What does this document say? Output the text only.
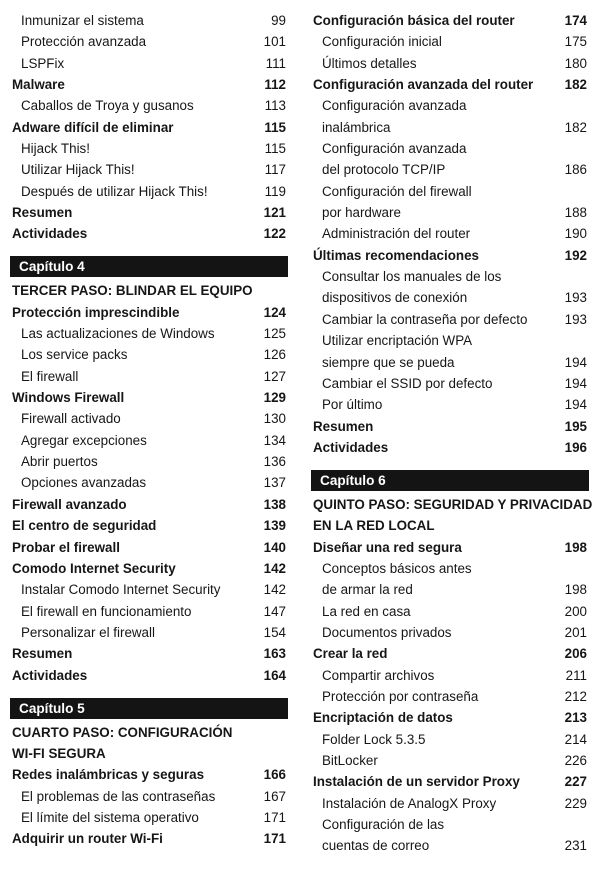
Inmunizar el sistema	99
Protección avanzada	101
LSPFix	111
Malware	112
Caballos de Troya y gusanos	113
Adware difícil de eliminar	115
Hijack This!	115
Utilizar Hijack This!	117
Después de utilizar Hijack This!	119
Resumen	121
Actividades	122
Capítulo 4
TERCER PASO: BLINDAR EL EQUIPO
Protección imprescindible	124
Las actualizaciones de Windows	125
Los service packs	126
El firewall	127
Windows Firewall	129
Firewall activado	130
Agregar excepciones	134
Abrir puertos	136
Opciones avanzadas	137
Firewall avanzado	138
El centro de seguridad	139
Probar el firewall	140
Comodo Internet Security	142
Instalar Comodo Internet Security	142
El firewall en funcionamiento	147
Personalizar el firewall	154
Resumen	163
Actividades	164
Capítulo 5
CUARTO PASO: CONFIGURACIÓN
WI-FI SEGURA
Redes inalámbricas y seguras	166
El problemas de las contraseñas	167
El límite del sistema operativo	171
Adquirir un router Wi-Fi	171
Configuración básica del router	174
Configuración inicial	175
Últimos detalles	180
Configuración avanzada del router 182
Configuración avanzada
inalámbrica	182
Configuración avanzada
del protocolo TCP/IP	186
Configuración del firewall
por hardware	188
Administración del router	190
Últimas recomendaciones	192
Consultar los manuales de los
dispositivos de conexión	193
Cambiar la contraseña por defecto	193
Utilizar encriptación WPA
siempre que se pueda	194
Cambiar el SSID por defecto	194
Por último	194
Resumen	195
Actividades	196
Capítulo 6
QUINTO PASO: SEGURIDAD Y PRIVACIDAD
EN LA RED LOCAL
Diseñar una red segura	198
Conceptos básicos antes
de armar la red	198
La red en casa	200
Documentos privados	201
Crear la red	206
Compartir archivos	211
Protección por contraseña	212
Encriptación de datos	213
Folder Lock 5.3.5	214
BitLocker	226
Instalación de un servidor Proxy	227
Instalación de AnalogX Proxy	229
Configuración de las
cuentas de correo	231
